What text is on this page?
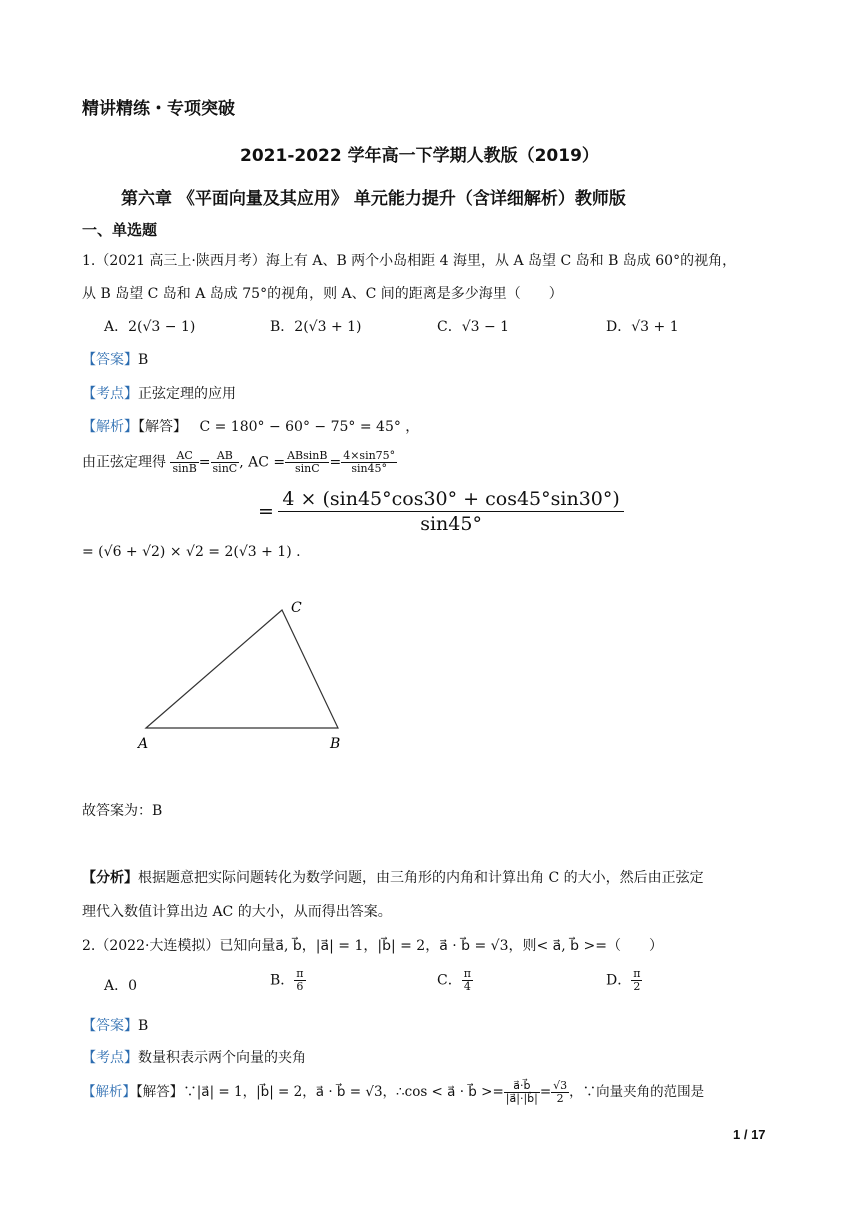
精讲精练・专项突破
2021-2022 学年高一下学期人教版（2019）
第六章 《平面向量及其应用》 单元能力提升（含详细解析）教师版
一、单选题
1.（2021 高三上·陕西月考）海上有 A、B 两个小岛相距 4 海里，从 A 岛望 C 岛和 B 岛成 60°的视角，
从 B 岛望 C 岛和 A 岛成 75°的视角，则 A、C 间的距离是多少海里（　　）
A．2(√3 − 1)	B．2(√3 + 1)	C．√3 − 1	D．√3 + 1
【答案】B
【考点】正弦定理的应用
【解析】【解答】 C = 180° − 60° − 75° = 45° ，
由正弦定理得 $\frac{AC}{\sin B} = \frac{AB}{\sin C}$ , AC = $\frac{ABsinB}{\sin C} = \frac{4\times\sin 75^\circ}{\sin 45^\circ}$
= $\frac{4 \times (\sin 45^\circ\cos 30^\circ + \cos 45^\circ\sin 30^\circ)}{\sin 45^\circ}$
= (√6 + √2) × √2 = 2(√3 + 1) .
A	B
C
故答案为：B
【分析】根据题意把实际问题转化为数学问题，由三角形的内角和计算出角 C 的大小，然后由正弦定
理代入数值计算出边 AC 的大小，从而得出答案。
2.（2022·大连模拟）已知向量a⃗, b⃗，|a⃗| = 1，|b⃗| = 2，a⃗ · b⃗ = √3，则< a⃗, b⃗ >=（　　）
A．0	B． $\frac{\pi}{6}$	C． $\frac{\pi}{4}$	D． $\frac{\pi}{2}$
【答案】B
【考点】数量积表示两个向量的夹角
【解析】【解答】∵|a⃗| = 1，|b⃗| = 2，a⃗ · b⃗ = √3，∴cos < a⃗ · b⃗ >= $\frac{a⃗\cdot b⃗}{|a⃗|\cdot|b⃗|} = \frac{√3}{2}$ ，∵向量夹角的范围是
1 / 17
